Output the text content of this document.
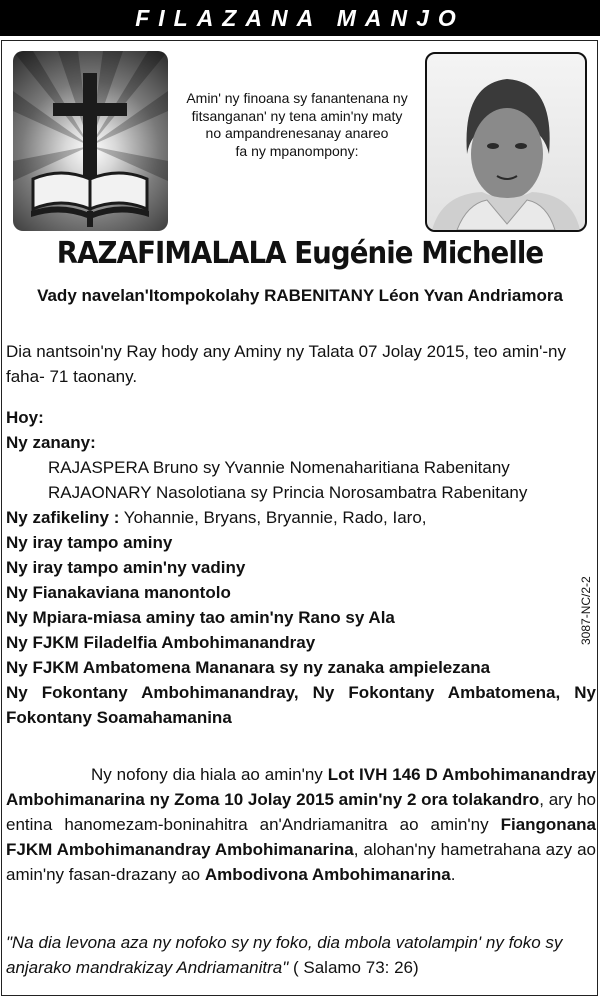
FILAZANA MANJO
Amin' ny finoana sy fanantenana ny
fitsanganan' ny tena amin'ny maty
no ampandrenesanay anareo
fa ny mpanompony:
RAZAFIMALALA Eugénie Michelle
Vady navelan'Itompokolahy RABENITANY Léon Yvan Andriamora
Dia nantsoin'ny Ray hody any Aminy ny Talata 07 Jolay 2015, teo amin'-ny faha- 71 taonany.
Hoy:
Ny zanany:
RAJASPERA Bruno sy Yvannie Nomenaharitiana Rabenitany
RAJAONARY Nasolotiana sy Princia Norosambatra Rabenitany
Ny zafikeliny : Yohannie, Bryans, Bryannie, Rado, Iaro,
Ny iray tampo aminy
Ny iray tampo amin'ny vadiny
Ny Fianakaviana manontolo
Ny Mpiara-miasa aminy tao amin'ny Rano sy Ala
Ny FJKM Filadelfia Ambohimanandray
Ny FJKM Ambatomena Mananara sy ny zanaka ampielezana
Ny Fokontany Ambohimanandray, Ny Fokontany Ambatomena, Ny Fokontany Soamahamanina
Ny nofony dia hiala ao amin'ny Lot IVH 146 D Ambohimanandray Ambohimanarina ny Zoma 10 Jolay 2015 amin'ny 2 ora tolakandro, ary ho entina hanomezam-boninahitra an'Andriamanitra ao amin'ny Fiangonana FJKM Ambohimanandray Ambohimanarina, alohan'ny hametrahana azy ao amin'ny fasan-drazany ao Ambodivona Ambohimanarina.
"Na dia levona aza ny nofoko sy ny foko, dia mbola vatolampin' ny foko sy anjarako mandrakizay Andriamanitra" ( Salamo 73: 26)
3087-NC/2-2
